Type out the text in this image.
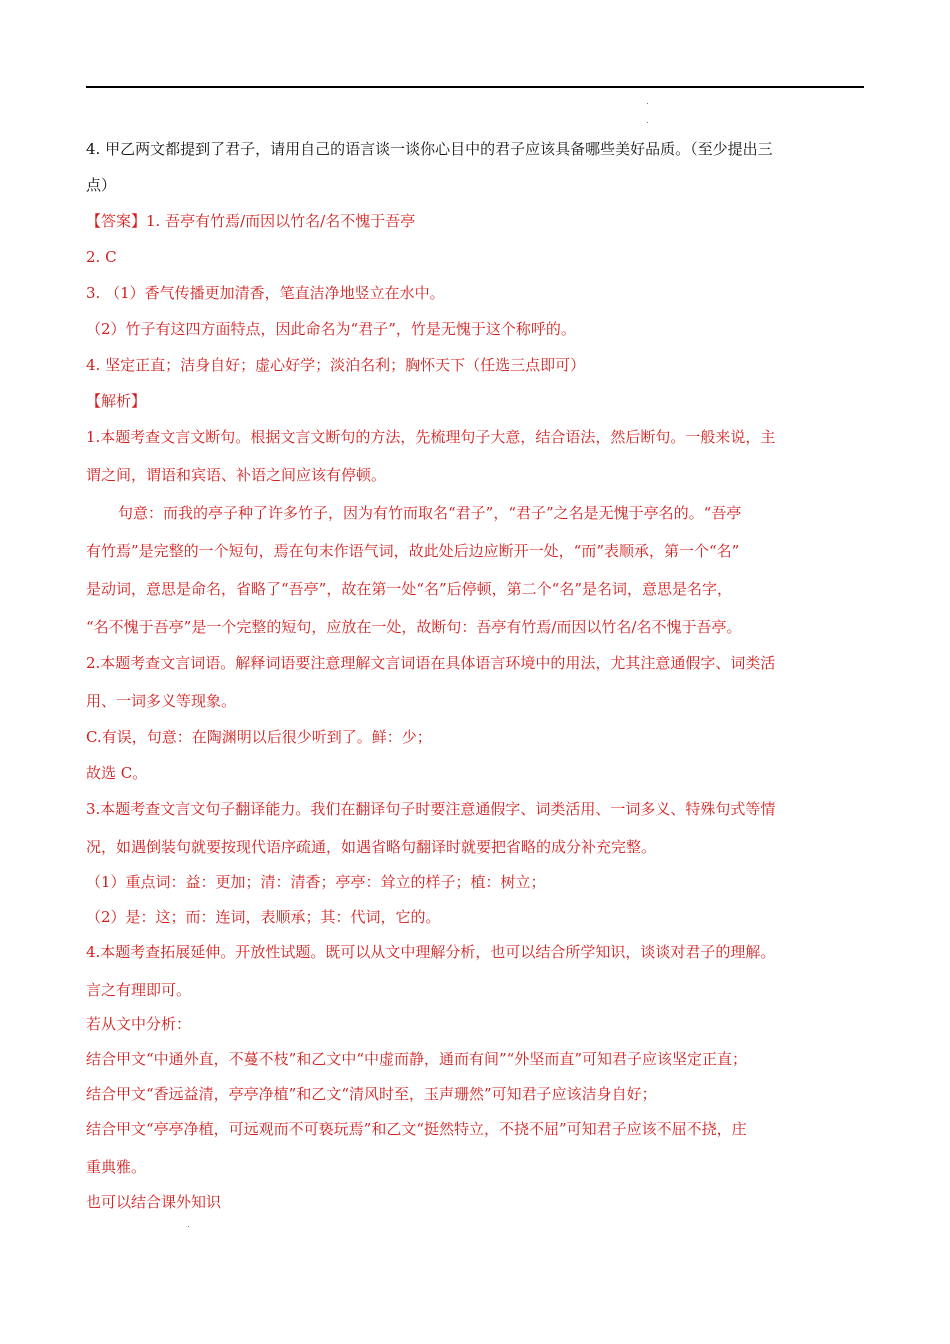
4. 甲乙两文都提到了君子，请用自己的语言谈一谈你心目中的君子应该具备哪些美好品质。（至少提出三

点）

【答案】1. 吾亭有竹焉/而因以竹名/名不愧于吾亭

2. C

3. （1）香气传播更加清香，笔直洁净地竖立在水中。

（2）竹子有这四方面特点，因此命名为“君子”，竹是无愧于这个称呼的。

4. 坚定正直；洁身自好；虚心好学；淡泊名利；胸怀天下（任选三点即可）

【解析】

1.本题考查文言文断句。根据文言文断句的方法，先梳理句子大意，结合语法，然后断句。一般来说，主

谓之间，谓语和宾语、补语之间应该有停顿。

句意：而我的亭子种了许多竹子，因为有竹而取名“君子”，“君子”之名是无愧于亭名的。“吾亭

有竹焉”是完整的一个短句，焉在句末作语气词，故此处后边应断开一处，“而”表顺承，第一个“名”

是动词，意思是命名，省略了“吾亭”，故在第一处“名”后停顿，第二个“名”是名词，意思是名字，

“名不愧于吾亭”是一个完整的短句，应放在一处，故断句：吾亭有竹焉/而因以竹名/名不愧于吾亭。

2.本题考查文言词语。解释词语要注意理解文言词语在具体语言环境中的用法，尤其注意通假字、词类活

用、一词多义等现象。

C.有误，句意：在陶渊明以后很少听到了。鲜：少；

故选 C。

3.本题考查文言文句子翻译能力。我们在翻译句子时要注意通假字、词类活用、一词多义、特殊句式等情

况，如遇倒装句就要按现代语序疏通，如遇省略句翻译时就要把省略的成分补充完整。

（1）重点词：益：更加；清：清香；亭亭：耸立的样子；植：树立；

（2）是：这；而：连词，表顺承；其：代词，它的。

4.本题考查拓展延伸。开放性试题。既可以从文中理解分析，也可以结合所学知识，谈谈对君子的理解。

言之有理即可。

若从文中分析：

结合甲文“中通外直，不蔓不枝”和乙文中“中虚而静，通而有间”“外坚而直”可知君子应该坚定正直；

结合甲文“香远益清，亭亭净植”和乙文“清风时至，玉声珊然”可知君子应该洁身自好；

结合甲文“亭亭净植，可远观而不可亵玩焉”和乙文“挺然特立，不挠不屈”可知君子应该不屈不挠，庄

重典雅。

也可以结合课外知识
